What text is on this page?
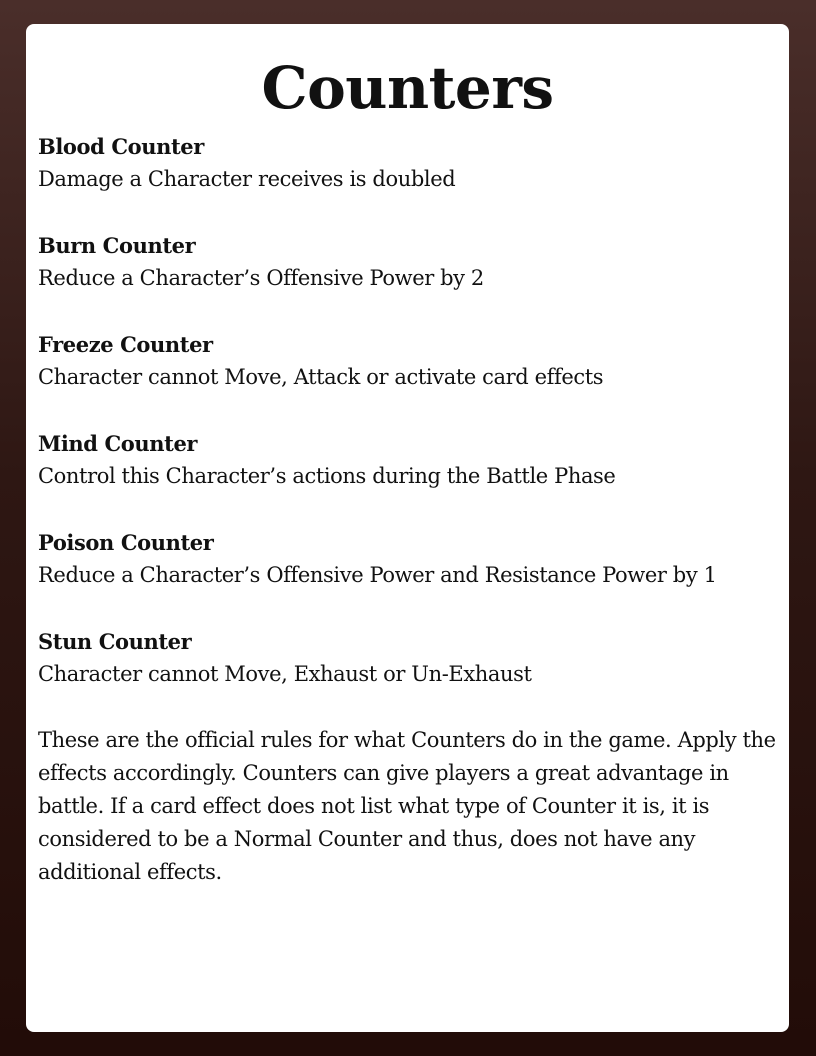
Counters
Blood Counter
Damage a Character receives is doubled
Burn Counter
Reduce a Character’s Offensive Power by 2
Freeze Counter
Character cannot Move, Attack or activate card effects
Mind Counter
Control this Character’s actions during the Battle Phase
Poison Counter
Reduce a Character’s Offensive Power and Resistance Power by 1
Stun Counter
Character cannot Move, Exhaust or Un-Exhaust

These are the official rules for what Counters do in the game. Apply the effects accordingly. Counters can give players a great advantage in battle. If a card effect does not list what type of Counter it is, it is considered to be a Normal Counter and thus, does not have any additional effects.
